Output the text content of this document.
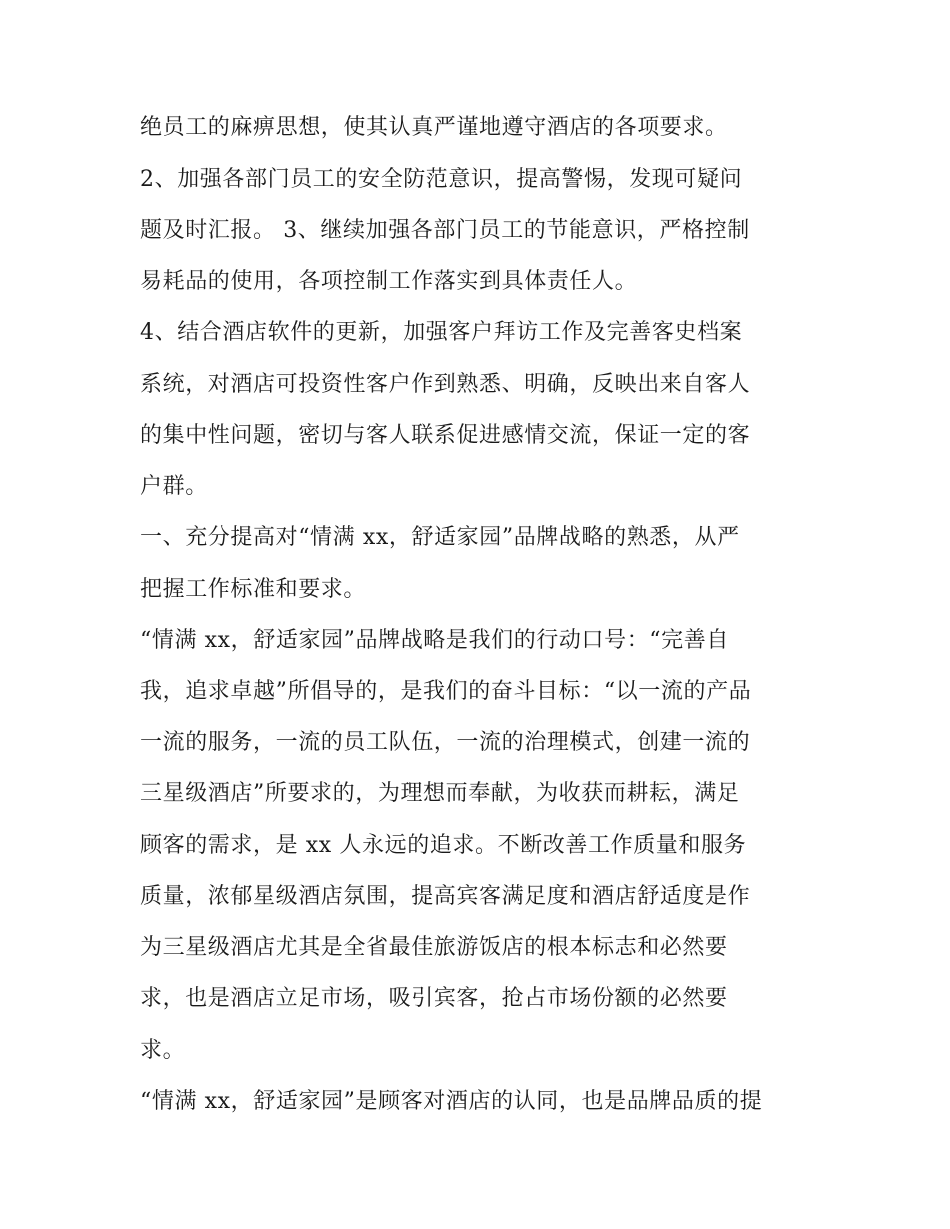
绝员工的麻痹思想，使其认真严谨地遵守酒店的各项要求。
2、加强各部门员工的安全防范意识，提高警惕，发现可疑问
题及时汇报。 3、继续加强各部门员工的节能意识，严格控制
易耗品的使用，各项控制工作落实到具体责任人。
4、结合酒店软件的更新，加强客户拜访工作及完善客史档案
系统，对酒店可投资性客户作到熟悉、明确，反映出来自客人
的集中性问题，密切与客人联系促进感情交流，保证一定的客
户群。
一、充分提高对“情满 xx，舒适家园”品牌战略的熟悉，从严
把握工作标准和要求。
“情满 xx，舒适家园”品牌战略是我们的行动口号：“完善自
我，追求卓越”所倡导的，是我们的奋斗目标：“以一流的产品
一流的服务，一流的员工队伍，一流的治理模式，创建一流的
三星级酒店”所要求的，为理想而奉献，为收获而耕耘，满足
顾客的需求，是 xx 人永远的追求。不断改善工作质量和服务
质量，浓郁星级酒店氛围，提高宾客满足度和酒店舒适度是作
为三星级酒店尤其是全省最佳旅游饭店的根本标志和必然要
求，也是酒店立足市场，吸引宾客，抢占市场份额的必然要
求。
“情满 xx，舒适家园”是顾客对酒店的认同，也是品牌品质的提
